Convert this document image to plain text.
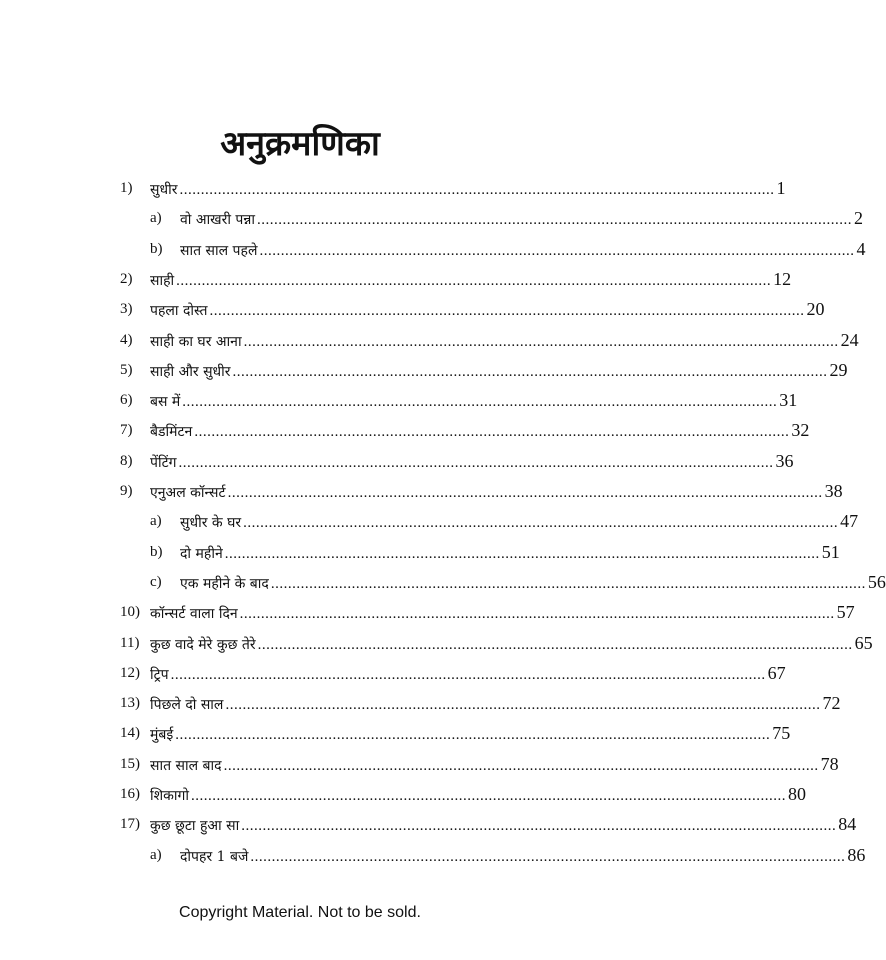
अनुक्रमणिका
1) सुधीर ............................................................................................................................................ 1
a) वो आखरी पन्ना ............................................................................................................................................ 2
b) सात साल पहले ............................................................................................................................................ 4
2) साही ............................................................................................................................................ 12
3) पहला दोस्त ............................................................................................................................................ 20
4) साही का घर आना ............................................................................................................................................ 24
5) साही और सुधीर ............................................................................................................................................ 29
6) बस में ............................................................................................................................................ 31
7) बैडमिंटन ............................................................................................................................................ 32
8) पेंटिंग ............................................................................................................................................ 36
9) एनुअल कॉन्सर्ट ............................................................................................................................................ 38
a) सुधीर के घर ............................................................................................................................................ 47
b) दो महीने ............................................................................................................................................ 51
c) एक महीने के बाद ............................................................................................................................................ 56
10) कॉन्सर्ट वाला दिन ............................................................................................................................................ 57
11) कुछ वादे मेरे कुछ तेरे ............................................................................................................................................ 65
12) ट्रिप ............................................................................................................................................ 67
13) पिछले दो साल ............................................................................................................................................ 72
14) मुंबई ............................................................................................................................................ 75
15) सात साल बाद ............................................................................................................................................ 78
16) शिकागो ............................................................................................................................................ 80
17) कुछ छूटा हुआ सा ............................................................................................................................................ 84
a) दोपहर 1 बजे ............................................................................................................................................ 86
Copyright Material. Not to be sold.
